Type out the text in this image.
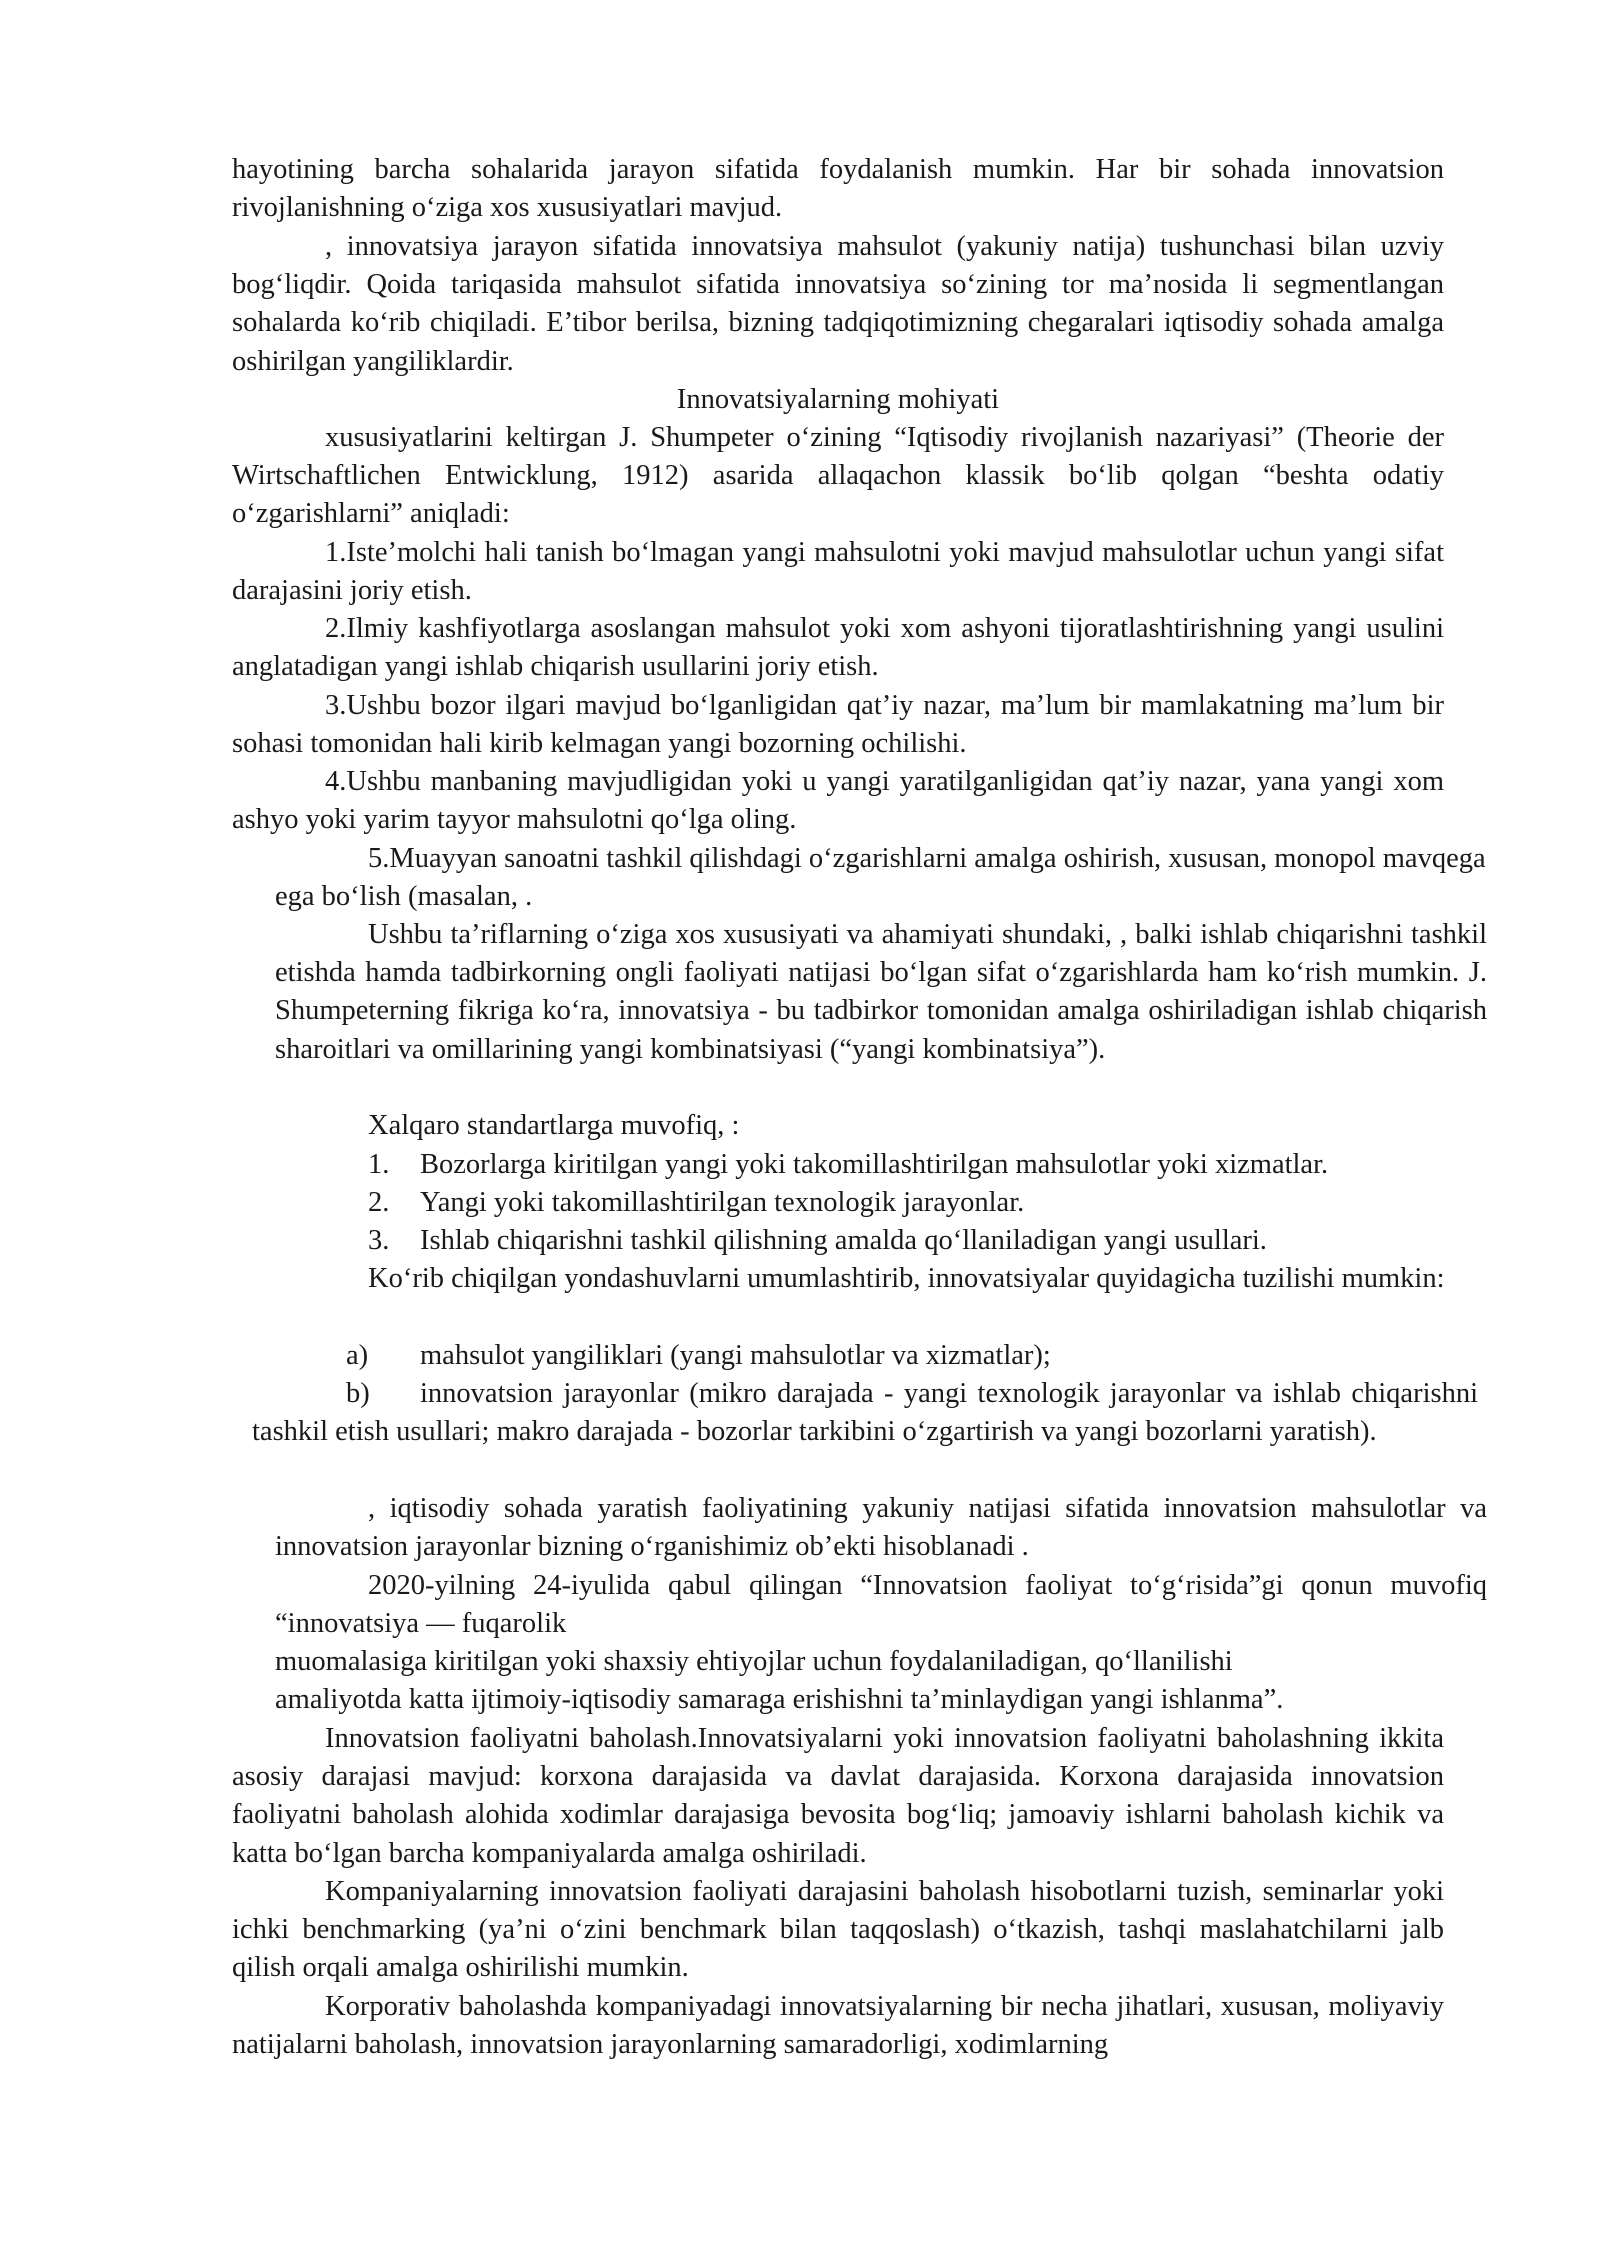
hayotining barcha sohalarida jarayon sifatida foydalanish mumkin. Har bir sohada innovatsion rivojlanishning o‘ziga xos xususiyatlari mavjud.

, innovatsiya jarayon sifatida innovatsiya mahsulot (yakuniy natija) tushunchasi bilan uzviy bog‘liqdir. Qoida tariqasida mahsulot sifatida innovatsiya so‘zining tor ma’nosida li segmentlangan sohalarda ko‘rib chiqiladi. E’tibor berilsa, bizning tadqiqotimizning chegaralari iqtisodiy sohada amalga oshirilgan yangiliklardir.

Innovatsiyalarning mohiyati

xususiyatlarini keltirgan J. Shumpeter o‘zining “Iqtisodiy rivojlanish nazariyasi” (Theorie der Wirtschaftlichen Entwicklung, 1912) asarida allaqachon klassik bo‘lib qolgan “beshta odatiy o‘zgarishlarni” aniqladi:

1.Iste’molchi hali tanish bo‘lmagan yangi mahsulotni yoki mavjud mahsulotlar uchun yangi sifat darajasini joriy etish.

2.Ilmiy kashfiyotlarga asoslangan mahsulot yoki xom ashyoni tijoratlashtirishning yangi usulini anglatadigan yangi ishlab chiqarish usullarini joriy etish.

3.Ushbu bozor ilgari mavjud bo‘lganligidan qat’iy nazar, ma’lum bir mamlakatning ma’lum bir sohasi tomonidan hali kirib kelmagan yangi bozorning ochilishi.

4.Ushbu manbaning mavjudligidan yoki u yangi yaratilganligidan qat’iy nazar, yana yangi xom ashyo yoki yarim tayyor mahsulotni qo‘lga oling.

5.Muayyan sanoatni tashkil qilishdagi o‘zgarishlarni amalga oshirish, xususan, monopol mavqega ega bo‘lish (masalan, .

Ushbu ta’riflarning o‘ziga xos xususiyati va ahamiyati shundaki, , balki ishlab chiqarishni tashkil etishda hamda tadbirkorning ongli faoliyati natijasi bo‘lgan sifat o‘zgarishlarda ham ko‘rish mumkin. J. Shumpeterning fikriga ko‘ra, innovatsiya - bu tadbirkor tomonidan amalga oshiriladigan ishlab chiqarish sharoitlari va omillarining yangi kombinatsiyasi (“yangi kombinatsiya”).

Xalqaro standartlarga muvofiq, :

1.	Bozorlarga kiritilgan yangi yoki takomillashtirilgan mahsulotlar yoki xizmatlar.
2.	Yangi yoki takomillashtirilgan texnologik jarayonlar.
3.	Ishlab chiqarishni tashkil qilishning amalda qo‘llaniladigan yangi usullari.

Ko‘rib chiqilgan yondashuvlarni umumlashtirib, innovatsiyalar quyidagicha tuzilishi mumkin:

a)	mahsulot yangiliklari (yangi mahsulotlar va xizmatlar);

b) innovatsion jarayonlar (mikro darajada - yangi texnologik jarayonlar va ishlab chiqarishni tashkil etish usullari; makro darajada - bozorlar tarkibini o‘zgartirish va yangi bozorlarni yaratish).

, iqtisodiy sohada yaratish faoliyatining yakuniy natijasi sifatida innovatsion mahsulotlar va innovatsion jarayonlar bizning o‘rganishimiz ob’ekti hisoblanadi .

2020-yilning 24-iyulida qabul qilingan “Innovatsion faoliyat to‘g‘risida”gi qonun muvofiq “innovatsiya — fuqarolik

muomalasiga kiritilgan yoki shaxsiy ehtiyojlar uchun foydalaniladigan, qo‘llanilishi

amaliyotda katta ijtimoiy-iqtisodiy samaraga erishishni ta’minlaydigan yangi ishlanma”.

Innovatsion faoliyatni baholash.Innovatsiyalarni yoki innovatsion faoliyatni baholashning ikkita asosiy darajasi mavjud: korxona darajasida va davlat darajasida. Korxona darajasida innovatsion faoliyatni baholash alohida xodimlar darajasiga bevosita bog‘liq; jamoaviy ishlarni baholash kichik va katta bo‘lgan barcha kompaniyalarda amalga oshiriladi.

Kompaniyalarning innovatsion faoliyati darajasini baholash hisobotlarni tuzish, seminarlar yoki ichki benchmarking (ya’ni o‘zini benchmark bilan taqqoslash) o‘tkazish, tashqi maslahatchilarni jalb qilish orqali amalga oshirilishi mumkin.

Korporativ baholashda kompaniyadagi innovatsiyalarning bir necha jihatlari, xususan, moliyaviy natijalarni baholash, innovatsion jarayonlarning samaradorligi, xodimlarning
